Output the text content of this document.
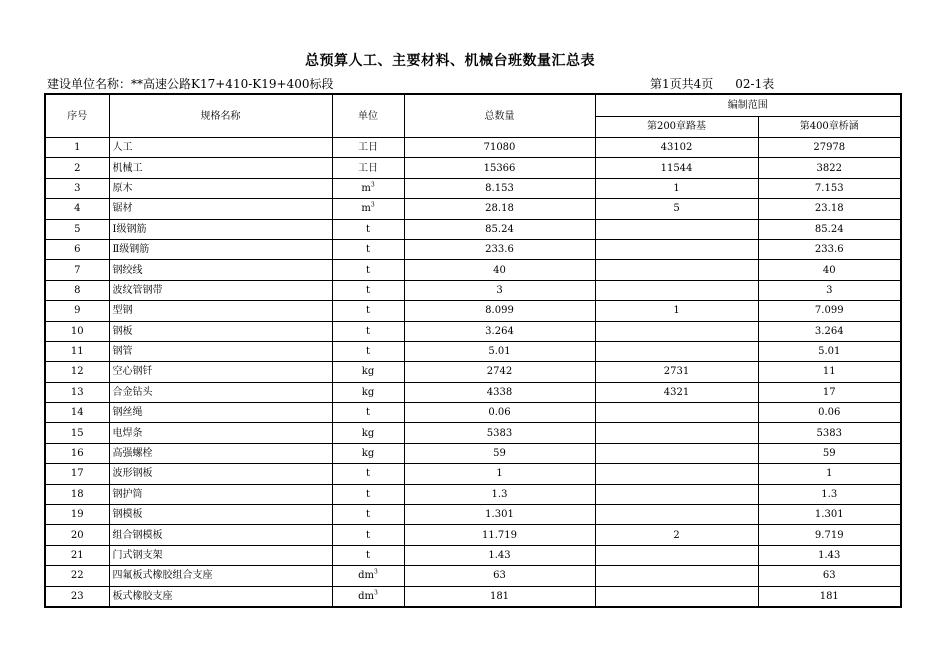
总预算人工、主要材料、机械台班数量汇总表
建设单位名称：**高速公路K17+410-K19+400标段	第1页共4页 02-1表
序号	规格名称	单位	总数量	编制范围	
				第200章路基	第400章桥涵
1	人工	工日	71080	43102	27978
2	机械工	工日	15366	11544	3822
3	原木	$m^3$	8.153	1	7.153
4	锯材	$m^3$	28.18	5	23.18
5	Ⅰ级钢筋	t	85.24		85.24
6	Ⅱ级钢筋	t	233.6		233.6
7	钢绞线	t	40		40
8	波纹管钢带	t	3		3
9	型钢	t	8.099	1	7.099
10	钢板	t	3.264		3.264
11	钢管	t	5.01		5.01
12	空心钢钎	kg	2742	2731	11
13	合金钻头	kg	4338	4321	17
14	钢丝绳	t	0.06		0.06
15	电焊条	kg	5383		5383
16	高强螺栓	kg	59		59
17	波形钢板	t	1		1
18	钢护筒	t	1.3		1.3
19	钢模板	t	1.301		1.301
20	组合钢模板	t	11.719	2	9.719
21	门式钢支架	t	1.43		1.43
22	四氟板式橡胶组合支座	$dm^3$	63		63
23	板式橡胶支座	$dm^3$	181		181
